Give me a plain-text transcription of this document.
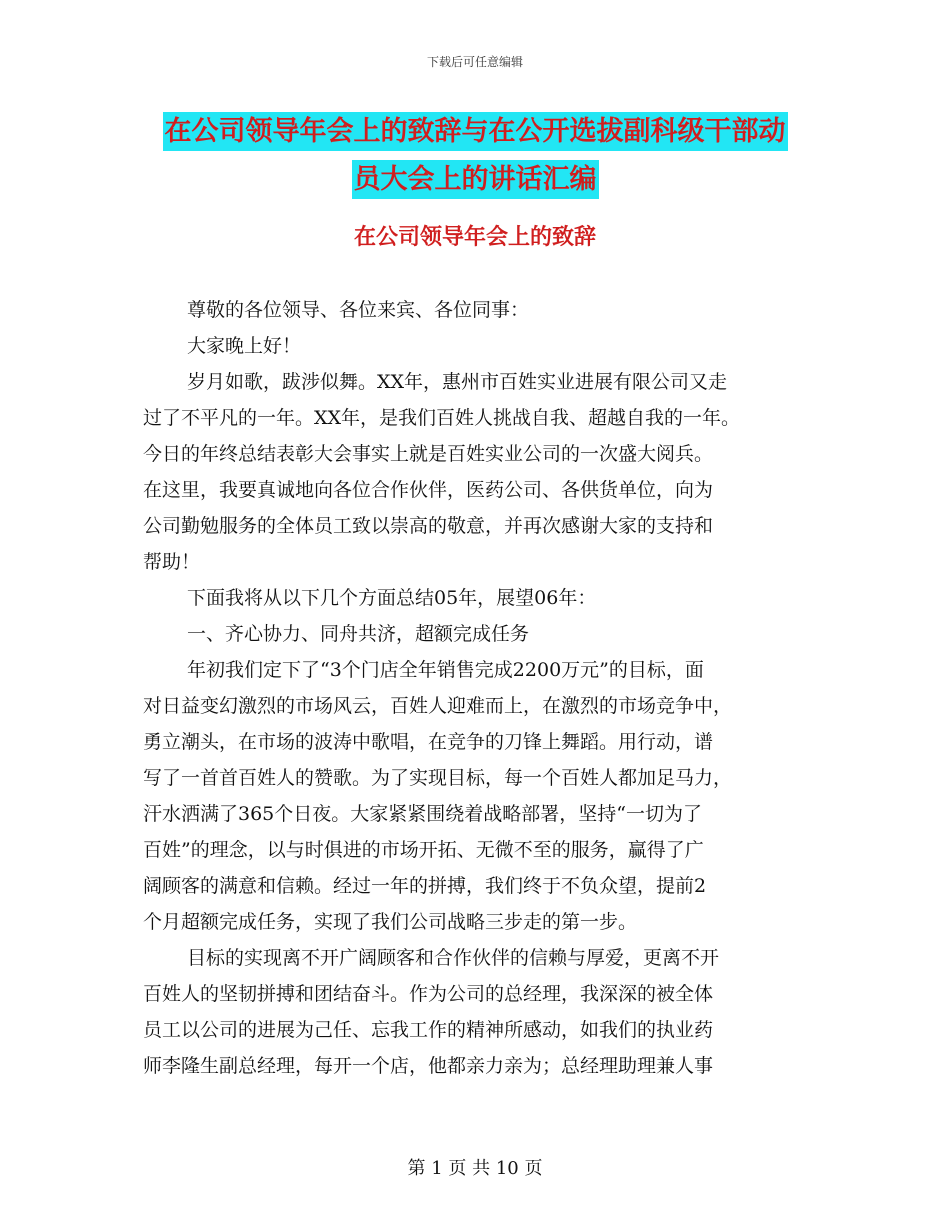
下载后可任意编辑
在公司领导年会上的致辞与在公开选拔副科级干部动
员大会上的讲话汇编
在公司领导年会上的致辞
尊敬的各位领导、各位来宾、各位同事：
大家晚上好！
岁月如歌，跋涉似舞。XX年，惠州市百姓实业进展有限公司又走
过了不平凡的一年。XX年，是我们百姓人挑战自我、超越自我的一年。
今日的年终总结表彰大会事实上就是百姓实业公司的一次盛大阅兵。
在这里，我要真诚地向各位合作伙伴，医药公司、各供货单位，向为
公司勤勉服务的全体员工致以崇高的敬意，并再次感谢大家的支持和
帮助！
下面我将从以下几个方面总结05年，展望06年：
一、齐心协力、同舟共济，超额完成任务
年初我们定下了“3个门店全年销售完成2200万元”的目标，面
对日益变幻激烈的市场风云，百姓人迎难而上，在激烈的市场竞争中，
勇立潮头，在市场的波涛中歌唱，在竞争的刀锋上舞蹈。用行动，谱
写了一首首百姓人的赞歌。为了实现目标，每一个百姓人都加足马力，
汗水洒满了365个日夜。大家紧紧围绕着战略部署，坚持“一切为了
百姓”的理念，以与时俱进的市场开拓、无微不至的服务，赢得了广
阔顾客的满意和信赖。经过一年的拼搏，我们终于不负众望，提前2
个月超额完成任务，实现了我们公司战略三步走的第一步。
目标的实现离不开广阔顾客和合作伙伴的信赖与厚爱，更离不开
百姓人的坚韧拼搏和团结奋斗。作为公司的总经理，我深深的被全体
员工以公司的进展为己任、忘我工作的精神所感动，如我们的执业药
师李隆生副总经理，每开一个店，他都亲力亲为；总经理助理兼人事
第 1 页 共 10 页
